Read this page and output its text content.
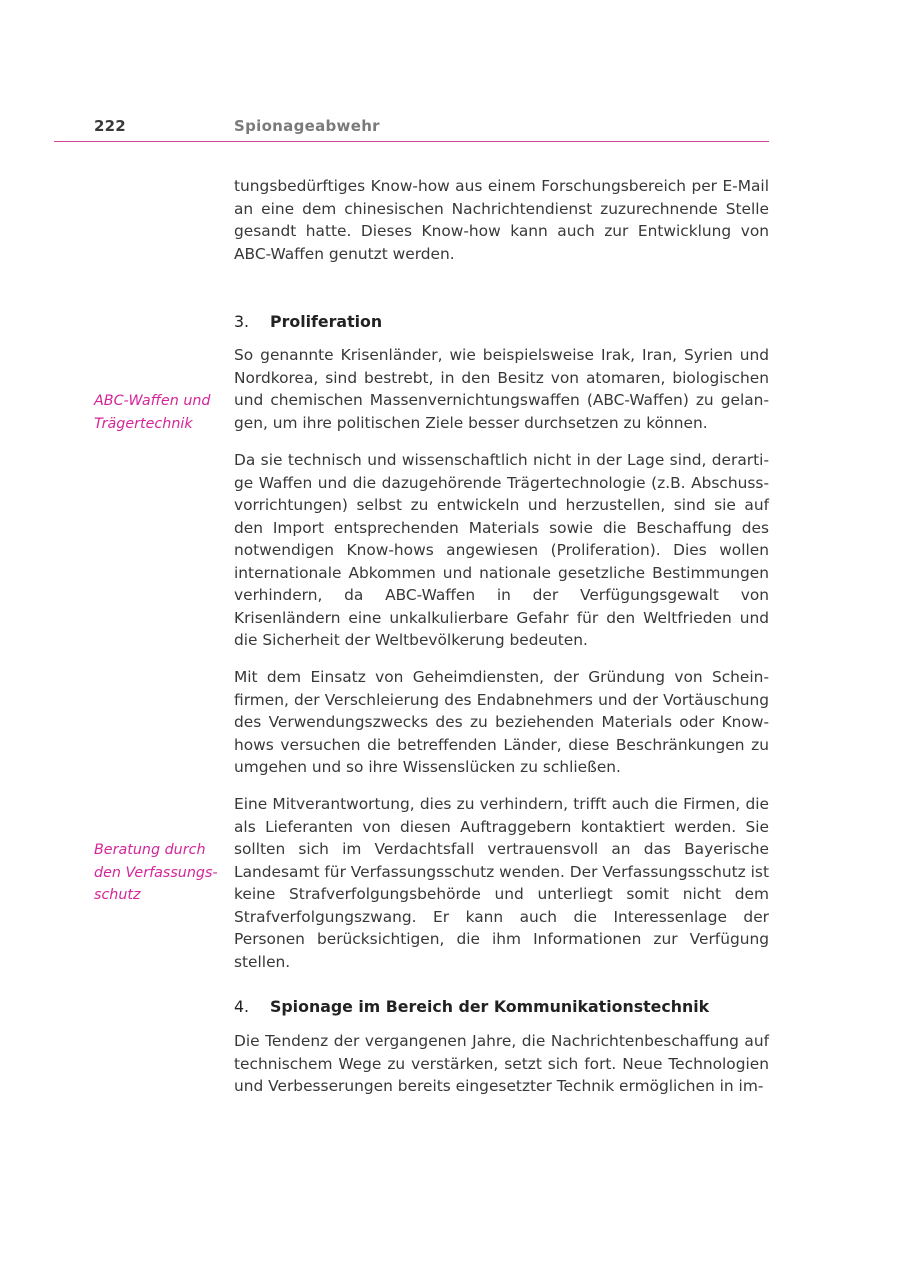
222	Spionageabwehr

tungsbedürftiges Know-how aus einem Forschungsbereich per E-Mail an eine dem chinesischen Nachrichtendienst zuzurechnende Stelle gesandt hatte. Dieses Know-how kann auch zur Entwicklung von ABC-Waffen genutzt werden.

3. Proliferation

So genannte Krisenländer, wie beispielsweise Irak, Iran, Syrien und Nordkorea, sind bestrebt, in den Besitz von atomaren, biologischen und chemischen Massenvernichtungswaffen (ABC-Waffen) zu gelangen, um ihre politischen Ziele besser durchsetzen zu können.

ABC-Waffen und Trägertechnik

Da sie technisch und wissenschaftlich nicht in der Lage sind, derartige Waffen und die dazugehörende Trägertechnologie (z.B. Abschussvorrichtungen) selbst zu entwickeln und herzustellen, sind sie auf den Import entsprechenden Materials sowie die Beschaffung des notwendigen Know-hows angewiesen (Proliferation). Dies wollen internationale Abkommen und nationale gesetzliche Bestimmungen verhindern, da ABC-Waffen in der Verfügungsgewalt von Krisenländern eine unkalkulierbare Gefahr für den Weltfrieden und die Sicherheit der Weltbevölkerung bedeuten.

Mit dem Einsatz von Geheimdiensten, der Gründung von Scheinfirmen, der Verschleierung des Endabnehmers und der Vortäuschung des Verwendungszwecks des zu beziehenden Materials oder Know-hows versuchen die betreffenden Länder, diese Beschränkungen zu umgehen und so ihre Wissenslücken zu schließen.

Eine Mitverantwortung, dies zu verhindern, trifft auch die Firmen, die als Lieferanten von diesen Auftraggebern kontaktiert werden. Sie sollten sich im Verdachtsfall vertrauensvoll an das Bayerische Landesamt für Verfassungsschutz wenden. Der Verfassungsschutz ist keine Strafverfolgungsbehörde und unterliegt somit nicht dem Strafverfolgungszwang. Er kann auch die Interessenlage der Personen berücksichtigen, die ihm Informationen zur Verfügung stellen.

Beratung durch den Verfassungsschutz

4. Spionage im Bereich der Kommunikationstechnik

Die Tendenz der vergangenen Jahre, die Nachrichtenbeschaffung auf technischem Wege zu verstärken, setzt sich fort. Neue Technologien und Verbesserungen bereits eingesetzter Technik ermöglichen in im-
